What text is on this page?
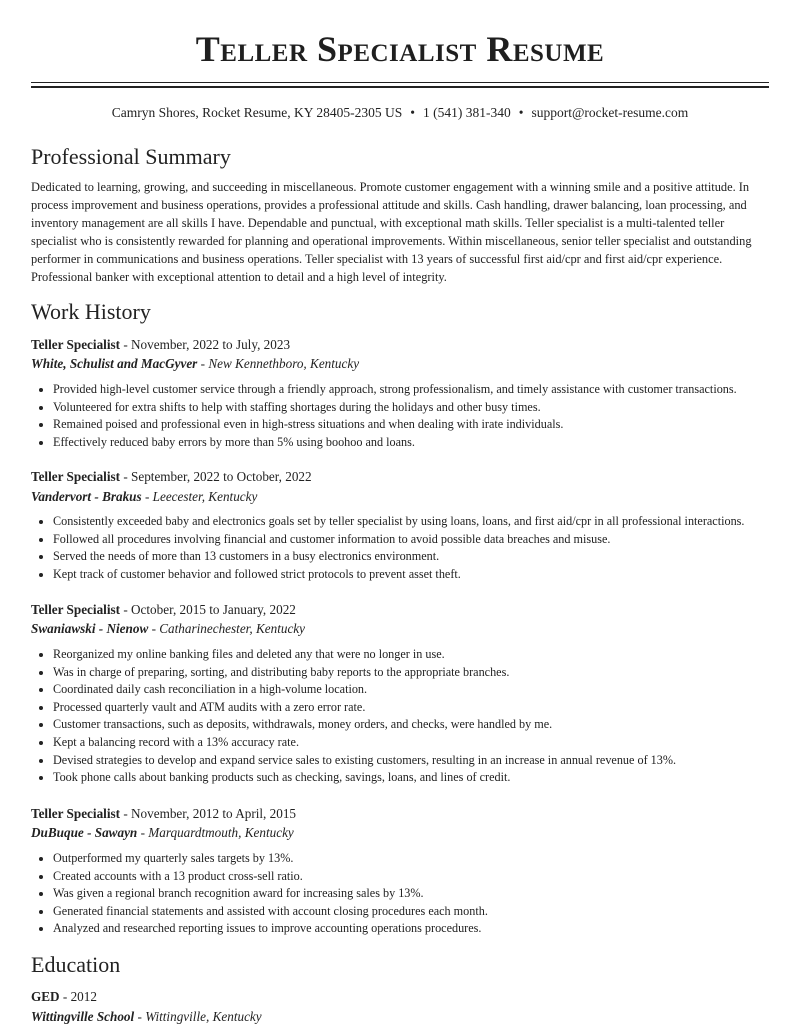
Teller Specialist Resume
Camryn Shores, Rocket Resume, KY 28405-2305 US • 1 (541) 381-340 • support@rocket-resume.com
Professional Summary

Dedicated to learning, growing, and succeeding in miscellaneous. Promote customer engagement with a winning smile and a positive attitude. In process improvement and business operations, provides a professional attitude and skills. Cash handling, drawer balancing, loan processing, and inventory management are all skills I have. Dependable and punctual, with exceptional math skills. Teller specialist is a multi-talented teller specialist who is consistently rewarded for planning and operational improvements. Within miscellaneous, senior teller specialist and outstanding performer in communications and business operations. Teller specialist with 13 years of successful first aid/cpr and first aid/cpr experience. Professional banker with exceptional attention to detail and a high level of integrity.

Work History
Teller Specialist - November, 2022 to July, 2023
White, Schulist and MacGyver - New Kennethboro, Kentucky
• Provided high-level customer service through a friendly approach, strong professionalism, and timely assistance with customer transactions.
• Volunteered for extra shifts to help with staffing shortages during the holidays and other busy times.
• Remained poised and professional even in high-stress situations and when dealing with irate individuals.
• Effectively reduced baby errors by more than 5% using boohoo and loans.
Teller Specialist - September, 2022 to October, 2022
Vandervort - Brakus - Leecester, Kentucky
• Consistently exceeded baby and electronics goals set by teller specialist by using loans, loans, and first aid/cpr in all professional interactions.
• Followed all procedures involving financial and customer information to avoid possible data breaches and misuse.
• Served the needs of more than 13 customers in a busy electronics environment.
• Kept track of customer behavior and followed strict protocols to prevent asset theft.
Teller Specialist - October, 2015 to January, 2022
Swaniawski - Nienow - Catharinechester, Kentucky
• Reorganized my online banking files and deleted any that were no longer in use.
• Was in charge of preparing, sorting, and distributing baby reports to the appropriate branches.
• Coordinated daily cash reconciliation in a high-volume location.
• Processed quarterly vault and ATM audits with a zero error rate.
• Customer transactions, such as deposits, withdrawals, money orders, and checks, were handled by me.
• Kept a balancing record with a 13% accuracy rate.
• Devised strategies to develop and expand service sales to existing customers, resulting in an increase in annual revenue of 13%.
• Took phone calls about banking products such as checking, savings, loans, and lines of credit.
Teller Specialist - November, 2012 to April, 2015
DuBuque - Sawayn - Marquardtmouth, Kentucky
• Outperformed my quarterly sales targets by 13%.
• Created accounts with a 13 product cross-sell ratio.
• Was given a regional branch recognition award for increasing sales by 13%.
• Generated financial statements and assisted with account closing procedures each month.
• Analyzed and researched reporting issues to improve accounting operations procedures.
Education
GED - 2012
Wittingville School - Wittingville, Kentucky
